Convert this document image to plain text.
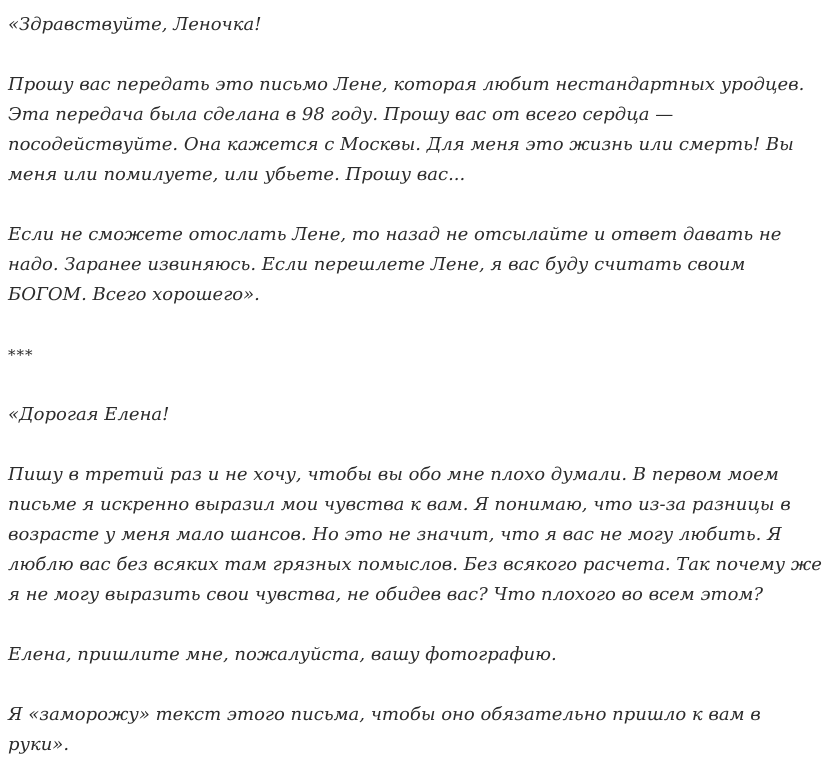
«Здравствуйте, Леночка!

Прошу вас передать это письмо Лене, которая любит нестандартных уродцев.
Эта передача была сделана в 98 году. Прошу вас от всего сердца —
посодействуйте. Она кажется с Москвы. Для меня это жизнь или смерть! Вы
меня или помилуете, или убьете. Прошу вас...

Если не сможете отослать Лене, то назад не отсылайте и ответ давать не
надо. Заранее извиняюсь. Если перешлете Лене, я вас буду считать своим
БОГОМ. Всего хорошего».

***

«Дорогая Елена!

Пишу в третий раз и не хочу, чтобы вы обо мне плохо думали. В первом моем
письме я искренно выразил мои чувства к вам. Я понимаю, что из-за разницы в
возрасте у меня мало шансов. Но это не значит, что я вас не могу любить. Я
люблю вас без всяких там грязных помыслов. Без всякого расчета. Так почему же
я не могу выразить свои чувства, не обидев вас? Что плохого во всем этом?

Елена, пришлите мне, пожалуйста, вашу фотографию.

Я «заморожу» текст этого письма, чтобы оно обязательно пришло к вам в
руки».
